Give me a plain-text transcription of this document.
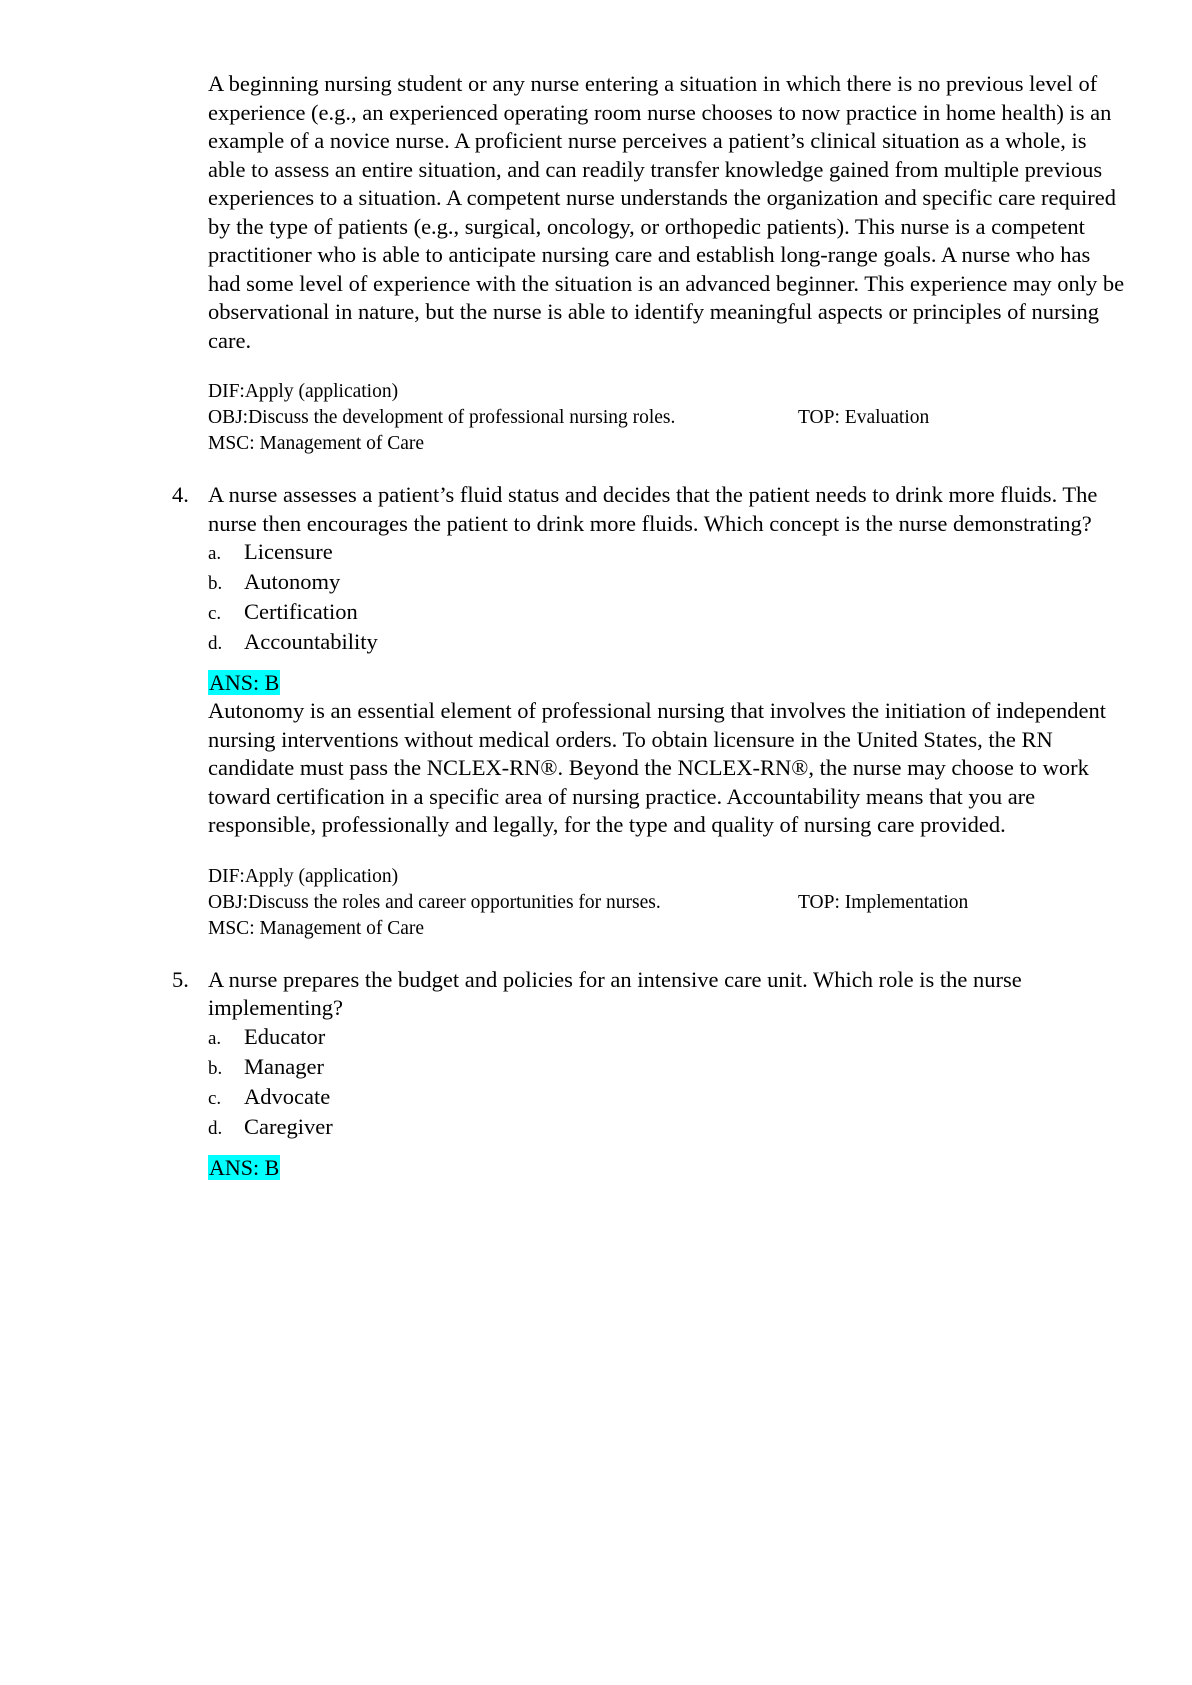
A beginning nursing student or any nurse entering a situation in which there is no previous level of experience (e.g., an experienced operating room nurse chooses to now practice in home health) is an example of a novice nurse. A proficient nurse perceives a patient’s clinical situation as a whole, is able to assess an entire situation, and can readily transfer knowledge gained from multiple previous experiences to a situation. A competent nurse understands the organization and specific care required by the type of patients (e.g., surgical, oncology, or orthopedic patients). This nurse is a competent practitioner who is able to anticipate nursing care and establish long-range goals. A nurse who has had some level of experience with the situation is an advanced beginner. This experience may only be observational in nature, but the nurse is able to identify meaningful aspects or principles of nursing care.

DIF:Apply (application)
OBJ:Discuss the development of professional nursing roles.	TOP: Evaluation
MSC: Management of Care
4. A nurse assesses a patient’s fluid status and decides that the patient needs to drink more fluids. The nurse then encourages the patient to drink more fluids. Which concept is the nurse demonstrating?

a.	Licensure
b. Autonomy
c.	Certification
d. Accountability
ANS: B

Autonomy is an essential element of professional nursing that involves the initiation of independent nursing interventions without medical orders. To obtain licensure in the United States, the RN candidate must pass the NCLEX-RN®. Beyond the NCLEX-RN®, the nurse may choose to work toward certification in a specific area of nursing practice. Accountability means that you are responsible, professionally and legally, for the type and quality of nursing care provided.

DIF:Apply (application)
OBJ:Discuss the roles and career opportunities for nurses.	TOP: Implementation
MSC: Management of Care
5. A nurse prepares the budget and policies for an intensive care unit. Which role is the nurse implementing?

a.	Educator
b. Manager
c.	Advocate
d. Caregiver
ANS: B
